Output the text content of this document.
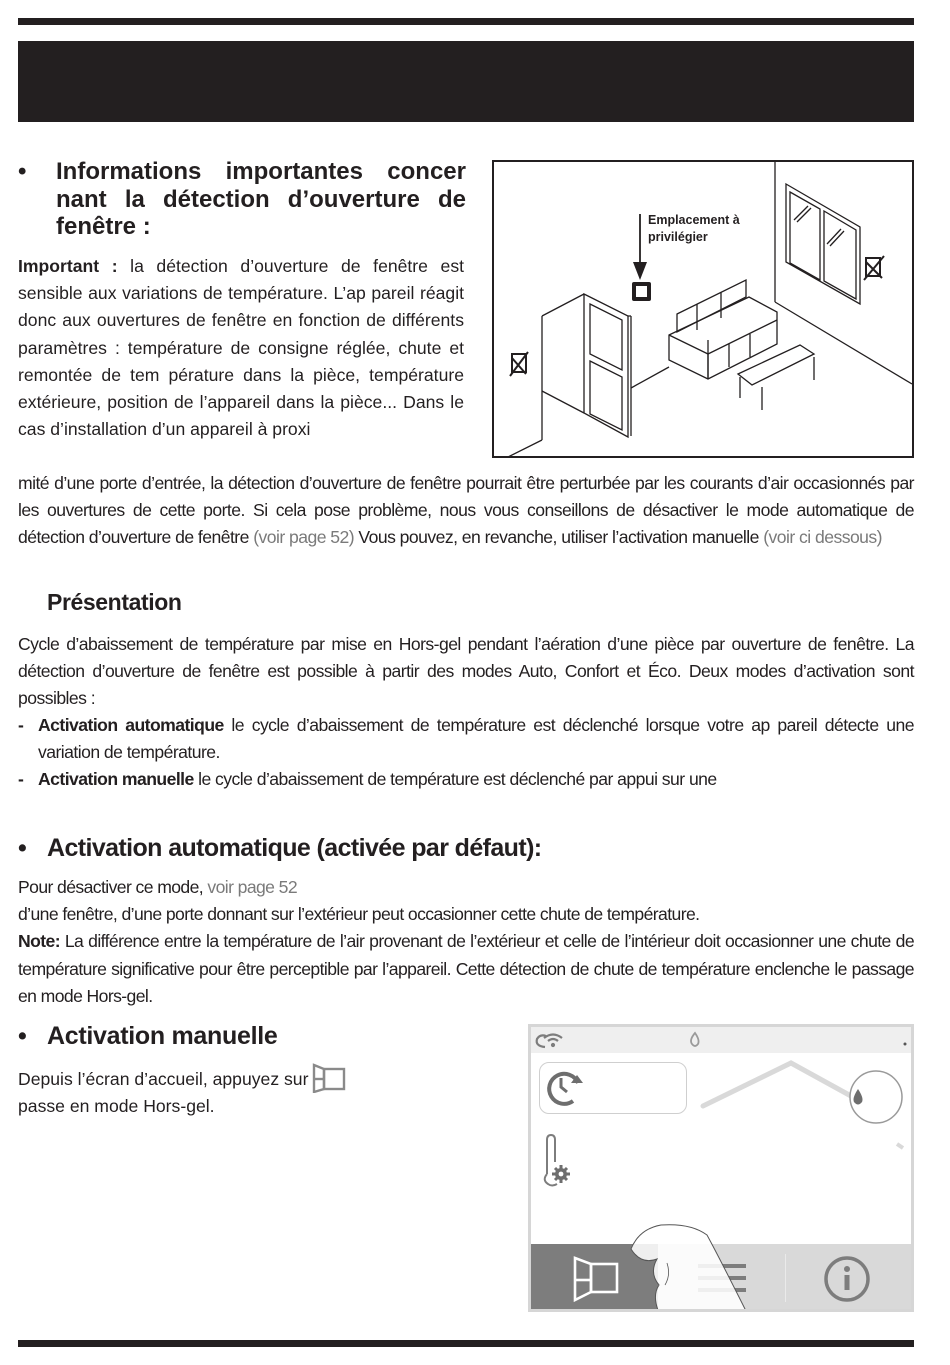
• Informations importantes concer nant la détection d’ouverture de fenêtre :
Important : la détection d’ouverture de fenêtre est sensible aux variations de température. L’ap pareil réagit donc aux ouvertures de fenêtre en fonction de différents paramètres : température de consigne réglée, chute et remontée de tem pérature dans la pièce, température extérieure, position de l’appareil dans la pièce... Dans le cas d’installation d’un appareil à proxi
Emplacement à
privilégier
mité d’une porte d’entrée, la détection d’ouverture de fenêtre pourrait être perturbée par les courants d’air occasionnés par les ouvertures de cette porte. Si cela pose problème, nous vous conseillons de désactiver le mode automatique de détection d’ouverture de fenêtre (voir page 52) Vous pouvez, en revanche, utiliser l’activation manuelle (voir ci dessous)
Présentation
Cycle d’abaissement de température par mise en Hors-gel pendant l’aération d’une pièce par ouverture de fenêtre. La détection d’ouverture de fenêtre est possible à partir des modes Auto, Confort et Éco. Deux modes d’activation sont possibles :
- Activation automatique le cycle d’abaissement de température est déclenché lorsque votre ap pareil détecte une variation de température.
- Activation manuelle le cycle d’abaissement de température est déclenché par appui sur une
• Activation automatique (activée par défaut):
Pour désactiver ce mode, voir page 52
d’une fenêtre, d’une porte donnant sur l’extérieur peut occasionner cette chute de température.
Note: La différence entre la température de l’air provenant de l’extérieur et celle de l’intérieur doit occasionner une chute de température significative pour être perceptible par l’appareil. Cette détection de chute de température enclenche le passage en mode Hors-gel.
• Activation manuelle
Depuis l’écran d’accueil, appuyez sur
passe en mode Hors-gel.
